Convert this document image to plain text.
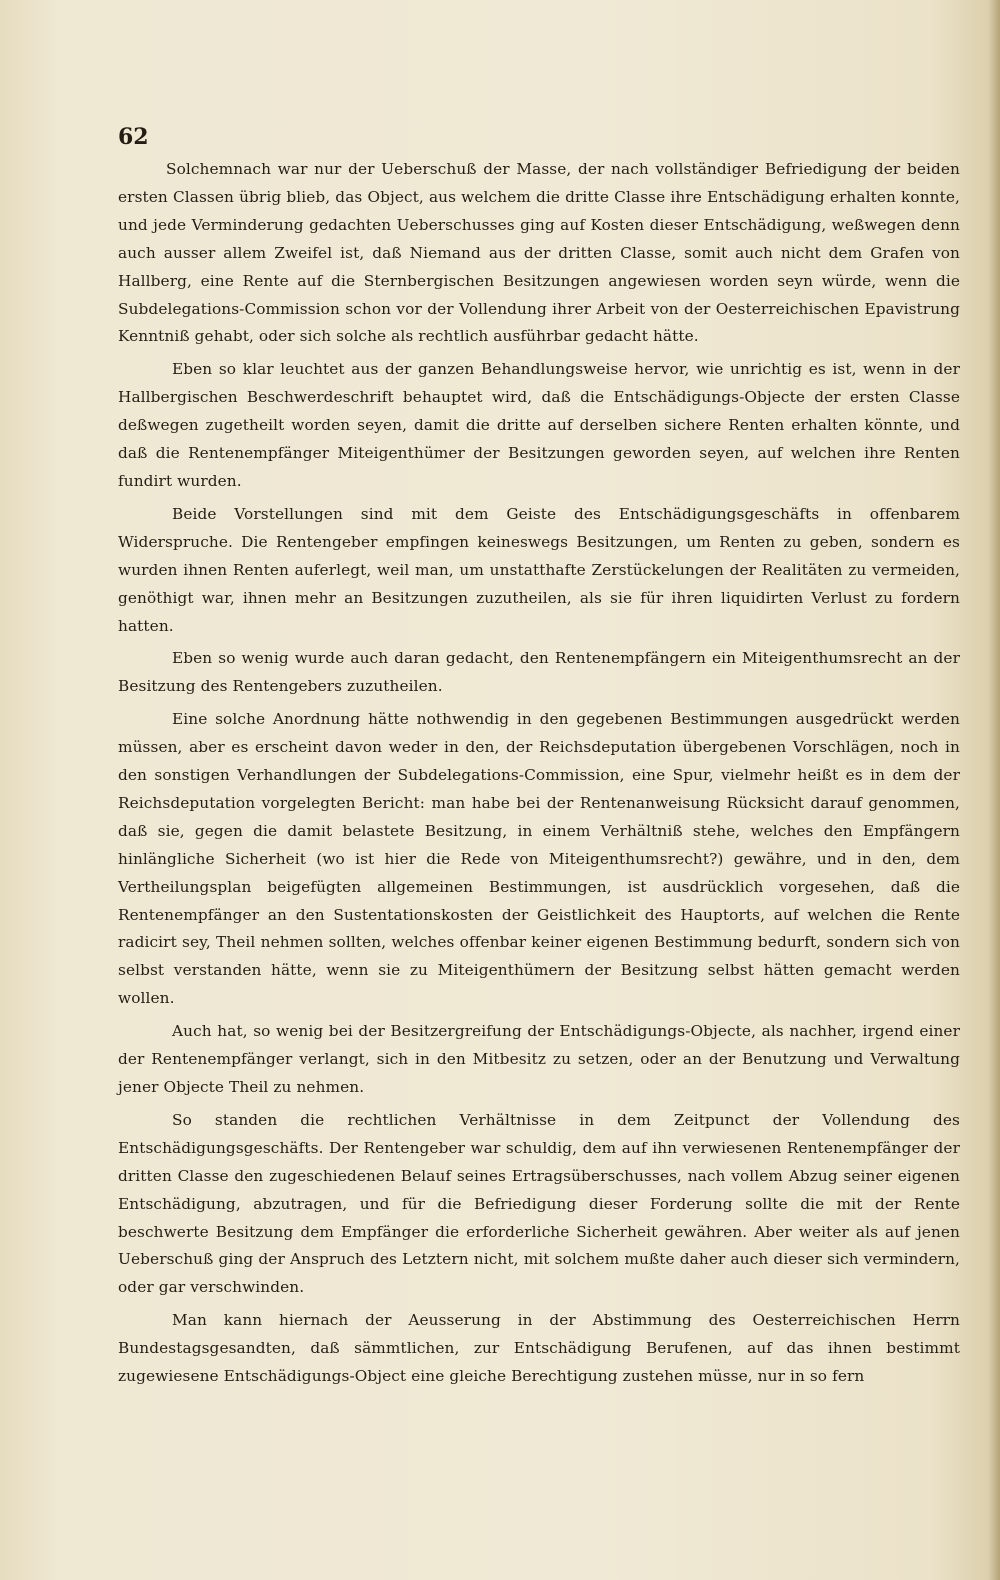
62

Solchemnach war nur der Ueberschuß der Masse, der nach vollständiger Befriedigung der beiden ersten Classen übrig blieb, das Object, aus welchem die dritte Classe ihre Entschädigung erhalten konnte, und jede Verminderung gedachten Ueberschusses ging auf Kosten dieser Entschädigung, weßwegen denn auch ausser allem Zweifel ist, daß Niemand aus der dritten Classe, somit auch nicht dem Grafen von Hallberg, eine Rente auf die Sternbergischen Besitzungen angewiesen worden seyn würde, wenn die Subdelegations-Commission schon vor der Vollendung ihrer Arbeit von der Oesterreichischen Epavistrung Kenntniß gehabt, oder sich solche als rechtlich ausführbar gedacht hätte.

Eben so klar leuchtet aus der ganzen Behandlungsweise hervor, wie unrichtig es ist, wenn in der Hallbergischen Beschwerdeschrift behauptet wird, daß die Entschädigungs-Objecte der ersten Classe deßwegen zugetheilt worden seyen, damit die dritte auf derselben sichere Renten erhalten könnte, und daß die Rentenempfänger Miteigenthümer der Besitzungen geworden seyen, auf welchen ihre Renten fundirt wurden.

Beide Vorstellungen sind mit dem Geiste des Entschädigungsgeschäfts in offenbarem Widerspruche. Die Rentengeber empfingen keineswegs Besitzungen, um Renten zu geben, sondern es wurden ihnen Renten auferlegt, weil man, um unstatthafte Zerstückelungen der Realitäten zu vermeiden, genöthigt war, ihnen mehr an Besitzungen zuzutheilen, als sie für ihren liquidirten Verlust zu fordern hatten.

Eben so wenig wurde auch daran gedacht, den Rentenempfängern ein Miteigenthumsrecht an der Besitzung des Rentengebers zuzutheilen.

Eine solche Anordnung hätte nothwendig in den gegebenen Bestimmungen ausgedrückt werden müssen, aber es erscheint davon weder in den, der Reichsdeputation übergebenen Vorschlägen, noch in den sonstigen Verhandlungen der Subdelegations-Commission, eine Spur, vielmehr heißt es in dem der Reichsdeputation vorgelegten Bericht: man habe bei der Rentenanweisung Rücksicht darauf genommen, daß sie, gegen die damit belastete Besitzung, in einem Verhältniß stehe, welches den Empfängern hinlängliche Sicherheit (wo ist hier die Rede von Miteigenthumsrecht?) gewähre, und in den, dem Vertheilungsplan beigefügten allgemeinen Bestimmungen, ist ausdrücklich vorgesehen, daß die Rentenempfänger an den Sustentationskosten der Geistlichkeit des Hauptorts, auf welchen die Rente radicirt sey, Theil nehmen sollten, welches offenbar keiner eigenen Bestimmung bedurft, sondern sich von selbst verstanden hätte, wenn sie zu Miteigenthümern der Besitzung selbst hätten gemacht werden wollen.

Auch hat, so wenig bei der Besitzergreifung der Entschädigungs-Objecte, als nachher, irgend einer der Rentenempfänger verlangt, sich in den Mitbesitz zu setzen, oder an der Benutzung und Verwaltung jener Objecte Theil zu nehmen.

So standen die rechtlichen Verhältnisse in dem Zeitpunct der Vollendung des Entschädigungsgeschäfts. Der Rentengeber war schuldig, dem auf ihn verwiesenen Rentenempfänger der dritten Classe den zugeschiedenen Belauf seines Ertragsüberschusses, nach vollem Abzug seiner eigenen Entschädigung, abzutragen, und für die Befriedigung dieser Forderung sollte die mit der Rente beschwerte Besitzung dem Empfänger die erforderliche Sicherheit gewähren. Aber weiter als auf jenen Ueberschuß ging der Anspruch des Letztern nicht, mit solchem mußte daher auch dieser sich vermindern, oder gar verschwinden.

Man kann hiernach der Aeusserung in der Abstimmung des Oesterreichischen Herrn Bundestagsgesandten, daß sämmtlichen, zur Entschädigung Berufenen, auf das ihnen bestimmt zugewiesene Entschädigungs-Object eine gleiche Berechtigung zustehen müsse, nur in so fern
